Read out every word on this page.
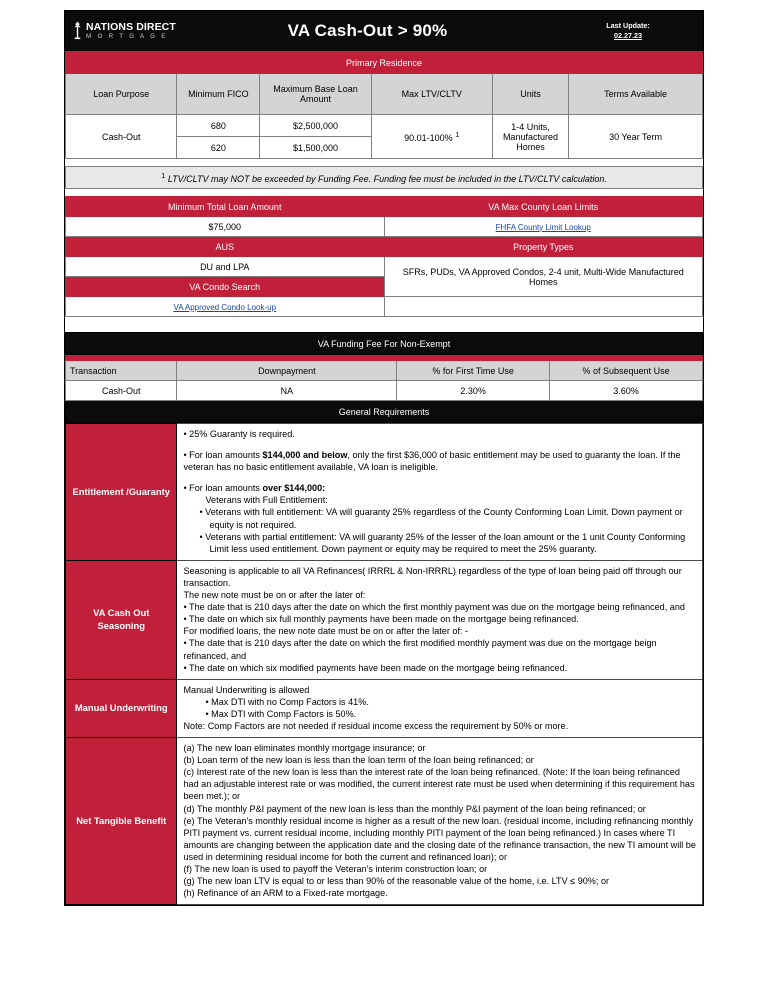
NATIONS DIRECT
M O R T G A G E	VA Cash-Out > 90%	Last Update:
02.27.23
Primary Residence					
Loan Purpose	Minimum FICO	Maximum Base Loan Amount	Max LTV/CLTV	Units	Terms Available
Cash-Out	680	$2,500,000	90.01-100% $^1$	1-4 Units, Manufactured Homes	30 Year Term
	620	$1,500,000			

$^1$ LTV/CLTV may NOT be exceeded by Funding Fee. Funding fee must be included in the LTV/CLTV calculation.					

Minimum Total Loan Amount	VA Max County Loan Limits
$75,000	FHFA County Limit Lookup
AUS	Property Types
DU and LPA	SFRs, PUDs, VA Approved Condos, 2-4 unit, Multi-Wide Manufactured Homes
VA Condo Search	
VA Approved Condo Look-up	

VA Funding Fee For Non-Exempt			

Transaction	Downpayment	% for First Time Use	% of Subsequent Use
Cash-Out	NA	2.30%	3.60%
General Requirements			
Entitlement /Guaranty	

• 25% Guaranty is required.

• For loan amounts $144,000 and below, only the first $36,000 of basic entitlement may be used to guaranty the loan. If the veteran has no basic entitlement available, VA loan is ineligible.

• For loan amounts over $144,000:

Veterans with Full Entitlement:

• Veterans with full entitlement: VA will guaranty 25% regardless of the County Conforming Loan Limit. Down payment or equity is not required.

• Veterans with partial entitlement: VA will guaranty 25% of the lesser of the loan amount or the 1 unit County Conforming Limit less used entitlement. Down payment or equity may be required to meet the 25% guaranty.

VA Cash Out Seasoning	

Seasoning is applicable to all VA Refinances( IRRRL & Non-IRRRL) regardless of the type of loan being paid off through our transaction.

The new note must be on or after the later of:

• The date that is 210 days after the date on which the first monthly payment was due on the mortgage being refinanced, and

• The date on which six full monthly payments have been made on the mortgage being refinanced.

For modified loans, the new note date must be on or after the later of: -

• The date that is 210 days after the date on which the first modified monthly payment was due on the mortgage beign refinanced, and

• The date on which six modified payments have been made on the mortgage being refinanced.

Manual Underwriting	Manual Underwriting is allowed

• Max DTI with no Comp Factors is 41%.

• Max DTI with Comp Factors is 50%.

Note: Comp Factors are not needed if residual income excess the requirement by 50% or more.

Net Tangible Benefit	

(a) The new loan eliminates monthly mortgage insurance; or

(b) Loan term of the new loan is less than the loan term of the loan being refinanced; or

(c) Interest rate of the new loan is less than the interest rate of the loan being refinanced. (Note: If the loan being refinanced had an adjustable interest rate or was modified, the current interest rate must be used when determining if this requirement has been met.); or

(d) The monthly P&I payment of the new loan is less than the monthly P&I payment of the loan being refinanced; or

(e) The Veteran's monthly residual income is higher as a result of the new loan. (residual income, including refinancing monthly PITI payment vs. current residual income, including monthly PITI payment of the loan being refinanced.) In cases where TI amounts are changing between the application date and the closing date of the refinance transaction, the new TI amount will be used in determining residual income for both the current and refinanced loan); or

(f) The new loan is used to payoff the Veteran's interim construction loan; or

(g) The new loan LTV is equal to or less than 90% of the reasonable value of the home, i.e. LTV ≤ 90%; or

(h) Refinance of an ARM to a Fixed-rate mortgage.
